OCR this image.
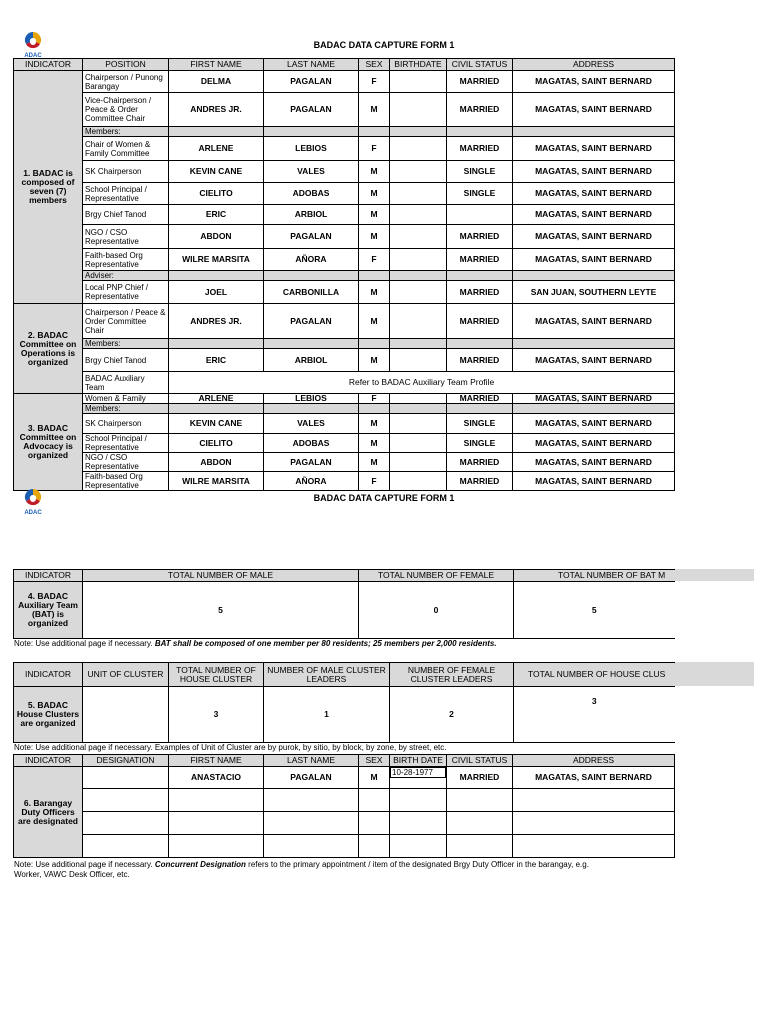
ADAC
BADAC DATA CAPTURE FORM 1
INDICATOR	POSITION	FIRST NAME	LAST NAME	SEX	BIRTHDATE	CIVIL STATUS	ADDRESS
1. BADAC is composed of seven (7) members	Chairperson / Punong Barangay	DELMA	PAGALAN	F		MARRIED	MAGATAS, SAINT BERNARD
	Vice-Chairperson / Peace & Order Committee Chair	ANDRES JR.	PAGALAN	M		MARRIED	MAGATAS, SAINT BERNARD
	Members:						
	Chair of Women & Family Committee	ARLENE	LEBIOS	F		MARRIED	MAGATAS, SAINT BERNARD
	SK Chairperson	KEVIN CANE	VALES	M		SINGLE	MAGATAS, SAINT BERNARD
	School Principal / Representative	CIELITO	ADOBAS	M		SINGLE	MAGATAS, SAINT BERNARD
	Brgy Chief Tanod	ERIC	ARBIOL	M			MAGATAS, SAINT BERNARD
	NGO / CSO Representative	ABDON	PAGALAN	M		MARRIED	MAGATAS, SAINT BERNARD
	Faith-based Org Representative	WILRE MARSITA	AÑORA	F		MARRIED	MAGATAS, SAINT BERNARD
	Adviser:						
	Local PNP Chief / Representative	JOEL	CARBONILLA	M		MARRIED	SAN JUAN, SOUTHERN LEYTE
2. BADAC Committee on Operations is organized	Chairperson / Peace & Order Committee Chair	ANDRES JR.	PAGALAN	M		MARRIED	MAGATAS, SAINT BERNARD
	Members:						
	Brgy Chief Tanod	ERIC	ARBIOL	M		MARRIED	MAGATAS, SAINT BERNARD
	BADAC Auxiliary Team	Refer to BADAC Auxiliary Team Profile					
3. BADAC Committee on Advocacy is organized	Women & Family	ARLENE	LEBIOS	F		MARRIED	MAGATAS, SAINT BERNARD
	Members:						
	SK Chairperson	KEVIN CANE	VALES	M		SINGLE	MAGATAS, SAINT BERNARD
	School Principal / Representative	CIELITO	ADOBAS	M		SINGLE	MAGATAS, SAINT BERNARD
	NGO / CSO Representative	ABDON	PAGALAN	M		MARRIED	MAGATAS, SAINT BERNARD
	Faith-based Org Representative	WILRE MARSITA	AÑORA	F		MARRIED	MAGATAS, SAINT BERNARD
ADAC
BADAC DATA CAPTURE FORM 1
INDICATOR	TOTAL NUMBER OF MALE	TOTAL NUMBER OF FEMALE	TOTAL NUMBER OF BAT M
4. BADAC Auxiliary Team (BAT) is organized	5	0	5
Note: Use additional page if necessary. BAT shall be composed of one member per 80 residents; 25 members per 2,000 residents.
INDICATOR	UNIT OF CLUSTER	TOTAL NUMBER OF HOUSE CLUSTER	NUMBER OF MALE CLUSTER LEADERS	NUMBER OF FEMALE CLUSTER LEADERS	TOTAL NUMBER OF HOUSE CLUS
5. BADAC House Clusters are organized		3	1	2	3
Note: Use additional page if necessary. Examples of Unit of Cluster are by purok, by sitio, by block, by zone, by street, etc.
INDICATOR	DESIGNATION	FIRST NAME	LAST NAME	SEX	BIRTH DATE	CIVIL STATUS	ADDRESS
6. Barangay Duty Officers are designated		ANASTACIO	PAGALAN	M	10-28-1977	MARRIED	MAGATAS, SAINT BERNARD

Note: Use additional page if necessary. Concurrent Designation refers to the primary appointment / item of the designated Brgy Duty Officer in the barangay, e.g.
Worker, VAWC Desk Officer, etc.
